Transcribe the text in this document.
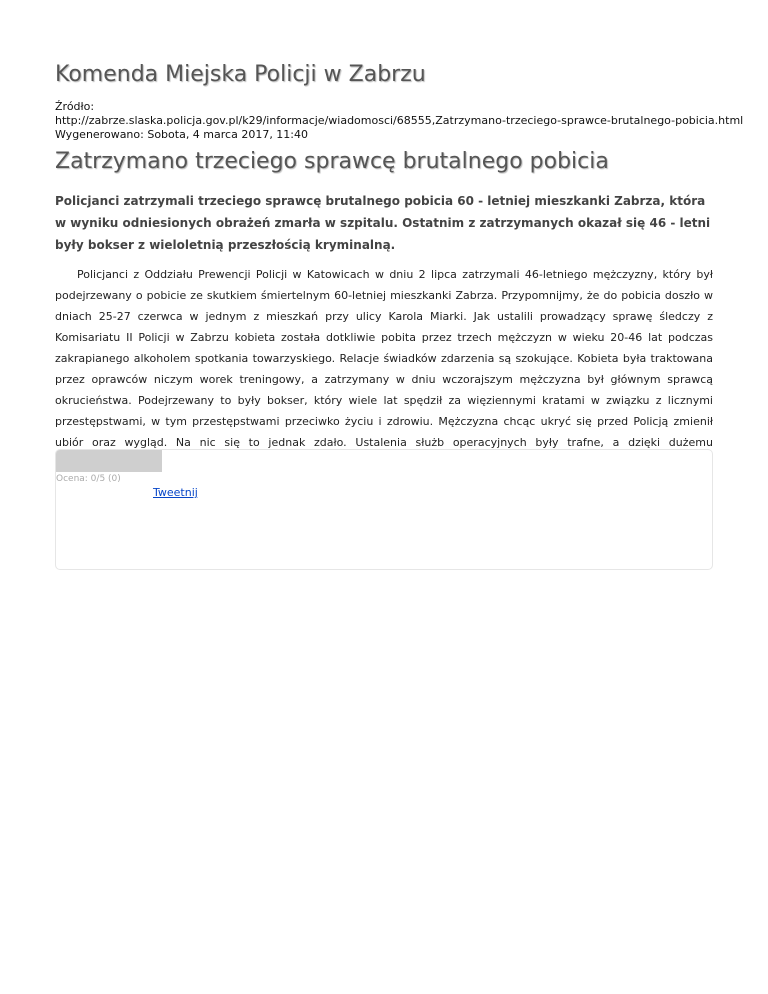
Komenda Miejska Policji w Zabrzu
Źródło:
http://zabrze.slaska.policja.gov.pl/k29/informacje/wiadomosci/68555,Zatrzymano-trzeciego-sprawce-brutalnego-pobicia.html
Wygenerowano: Sobota, 4 marca 2017, 11:40
Zatrzymano trzeciego sprawcę brutalnego pobicia

Policjanci zatrzymali trzeciego sprawcę brutalnego pobicia 60 - letniej mieszkanki Zabrza, która w wyniku odniesionych obrażeń zmarła w szpitalu. Ostatnim z zatrzymanych okazał się 46 - letni były bokser z wieloletnią przeszłością kryminalną.

Policjanci z Oddziału Prewencji Policji w Katowicach w dniu 2 lipca zatrzymali 46-letniego mężczyzny, który był podejrzewany o pobicie ze skutkiem śmiertelnym 60-letniej mieszkanki Zabrza. Przypomnijmy, że do pobicia doszło w dniach 25-27 czerwca w jednym z mieszkań przy ulicy Karola Miarki. Jak ustalili prowadzący sprawę śledczy z Komisariatu II Policji w Zabrzu kobieta została dotkliwie pobita przez trzech mężczyzn w wieku 20-46 lat podczas zakrapianego alkoholem spotkania towarzyskiego. Relacje świadków zdarzenia są szokujące. Kobieta była traktowana przez oprawców niczym worek treningowy, a zatrzymany w dniu wczorajszym mężczyzna był głównym sprawcą okrucieństwa. Podejrzewany to były bokser, który wiele lat spędził za więziennymi kratami w związku z licznymi przestępstwami, w tym przestępstwami przeciwko życiu i zdrowiu. Mężczyzna chcąc ukryć się przed Policją zmienił ubiór oraz wygląd. Na nic się to jednak zdało. Ustalenia służb operacyjnych były trafne, a dzięki dużemu

Ocena: 0/5 (0)
Tweetnij
